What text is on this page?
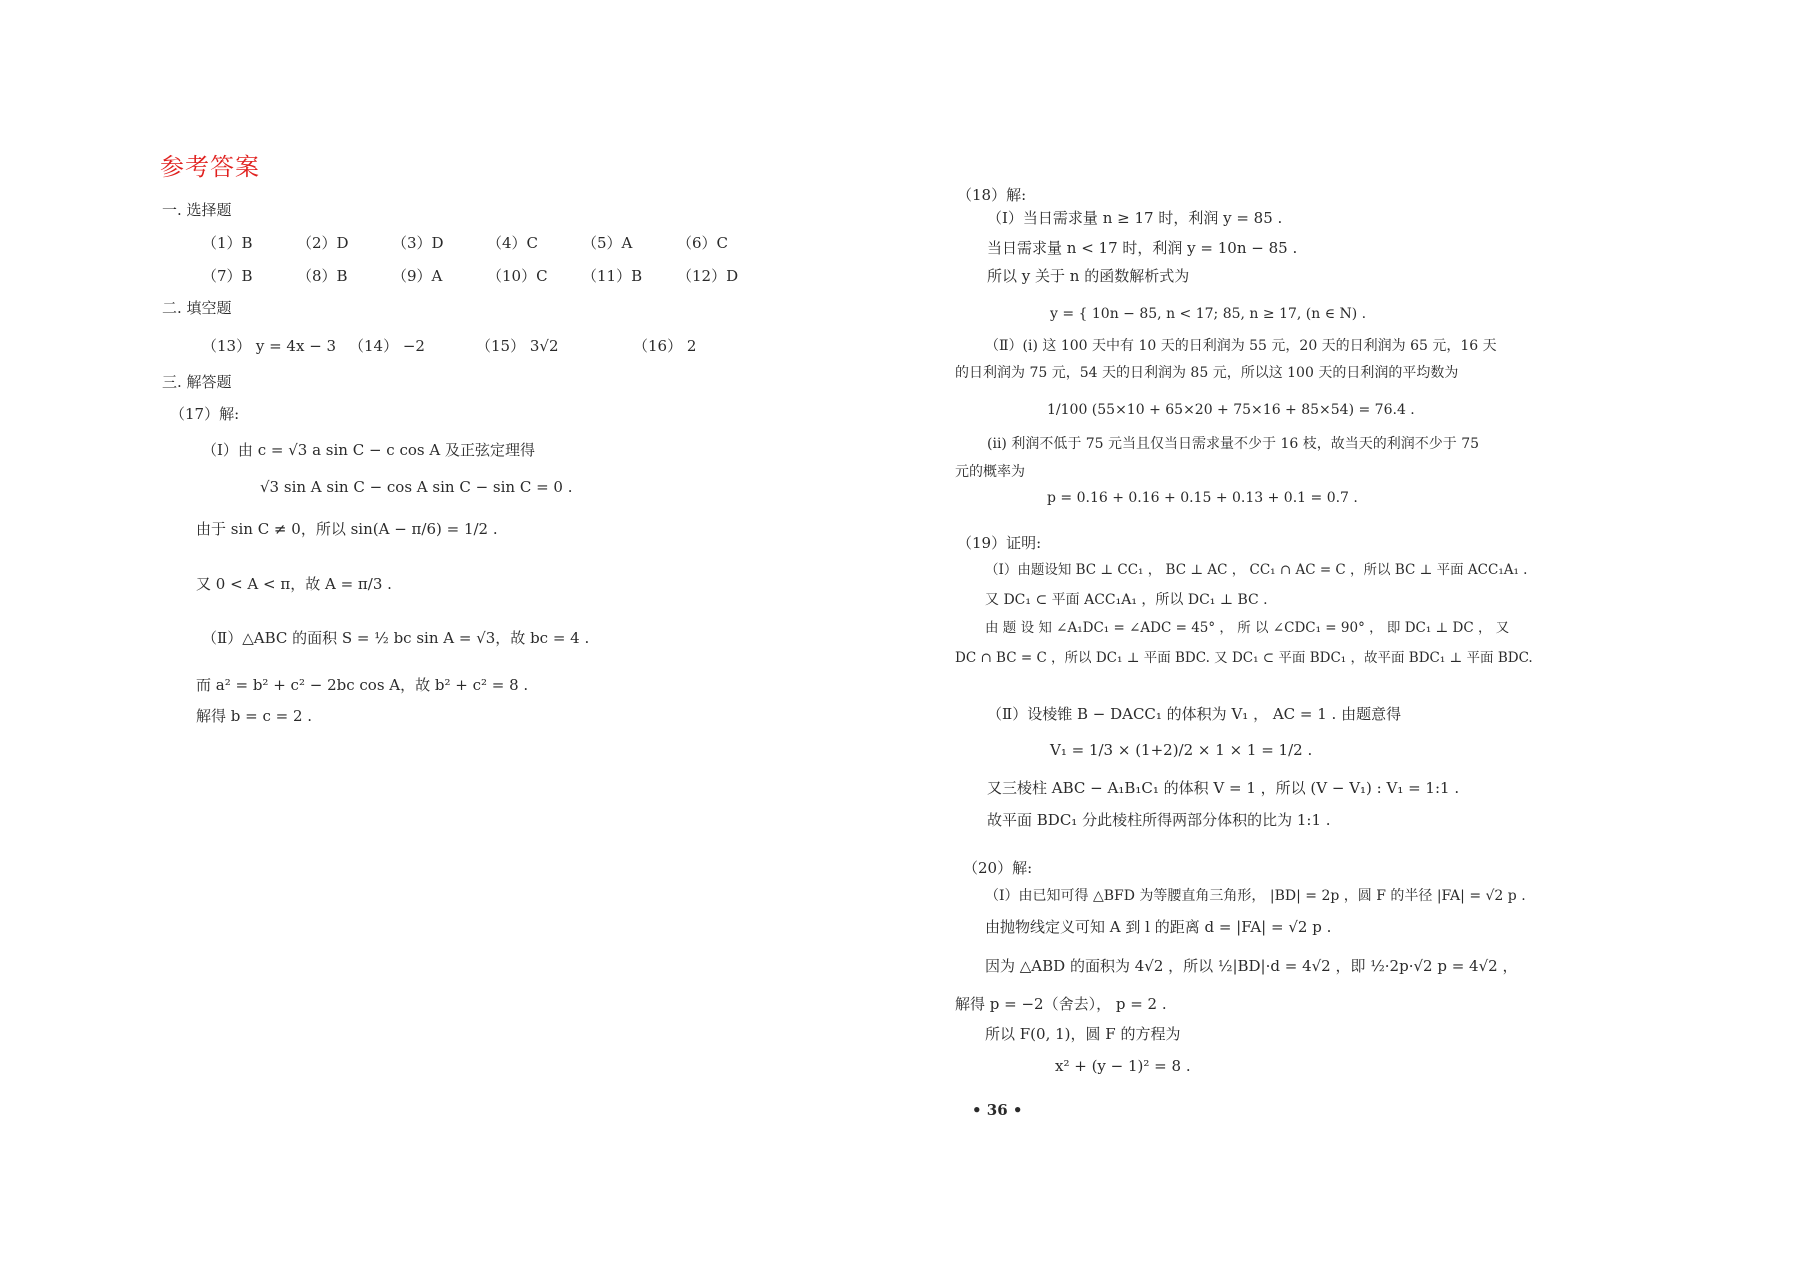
参考答案
一. 选择题
（1）B	（2）D	（3）D	（4）C	（5）A	（6）C
（7）B	（8）B	（9）A	（10）C （11）B （12）D
二. 填空题
（13） y = 4x − 3 （14） −2	（15） 3√2	（16） 2
三. 解答题
（17）解:
（Ⅰ）由 c = √3 a sin C − c cos A 及正弦定理得
√3 sin A sin C − cos A sin C − sin C = 0 .
由于 sin C ≠ 0，所以 sin(A − π/6) = 1/2 .
又 0 < A < π，故 A = π/3 .
（Ⅱ）△ABC 的面积 S = ½ bc sin A = √3，故 bc = 4 .
而 a² = b² + c² − 2bc cos A，故 b² + c² = 8 .
解得 b = c = 2 .
（18）解:
（Ⅰ）当日需求量 n ≥ 17 时，利润 y = 85 .
当日需求量 n < 17 时，利润 y = 10n − 85 .
所以 y 关于 n 的函数解析式为
y = { 10n − 85, n < 17; 85, n ≥ 17, (n ∈ N) .
（Ⅱ）(ⅰ) 这 100 天中有 10 天的日利润为 55 元，20 天的日利润为 65 元，16 天
的日利润为 75 元，54 天的日利润为 85 元，所以这 100 天的日利润的平均数为
1/100 (55×10 + 65×20 + 75×16 + 85×54) = 76.4 .
(ⅱ) 利润不低于 75 元当且仅当日需求量不少于 16 枝，故当天的利润不少于 75
元的概率为
p = 0.16 + 0.16 + 0.15 + 0.13 + 0.1 = 0.7 .
（19）证明:
（Ⅰ）由题设知 BC ⊥ CC₁ ， BC ⊥ AC ， CC₁ ∩ AC = C ，所以 BC ⊥ 平面 ACC₁A₁ .
又 DC₁ ⊂ 平面 ACC₁A₁ ，所以 DC₁ ⊥ BC .
由 题 设 知 ∠A₁DC₁ = ∠ADC = 45° ， 所 以 ∠CDC₁ = 90° ， 即 DC₁ ⊥ DC ， 又
DC ∩ BC = C ，所以 DC₁ ⊥ 平面 BDC. 又 DC₁ ⊂ 平面 BDC₁ ，故平面 BDC₁ ⊥ 平面 BDC.
（Ⅱ）设棱锥 B − DACC₁ 的体积为 V₁ ， AC = 1 . 由题意得
V₁ = 1/3 × (1+2)/2 × 1 × 1 = 1/2 .
又三棱柱 ABC − A₁B₁C₁ 的体积 V = 1 ，所以 (V − V₁) : V₁ = 1:1 .
故平面 BDC₁ 分此棱柱所得两部分体积的比为 1:1 .
（20）解:
（Ⅰ）由已知可得 △BFD 为等腰直角三角形， |BD| = 2p ，圆 F 的半径 |FA| = √2 p .
由抛物线定义可知 A 到 l 的距离 d = |FA| = √2 p .
因为 △ABD 的面积为 4√2 ，所以 ½|BD|·d = 4√2 ，即 ½·2p·√2 p = 4√2 ，
解得 p = −2（舍去）， p = 2 .
所以 F(0, 1)，圆 F 的方程为
x² + (y − 1)² = 8 .
• 36 •
